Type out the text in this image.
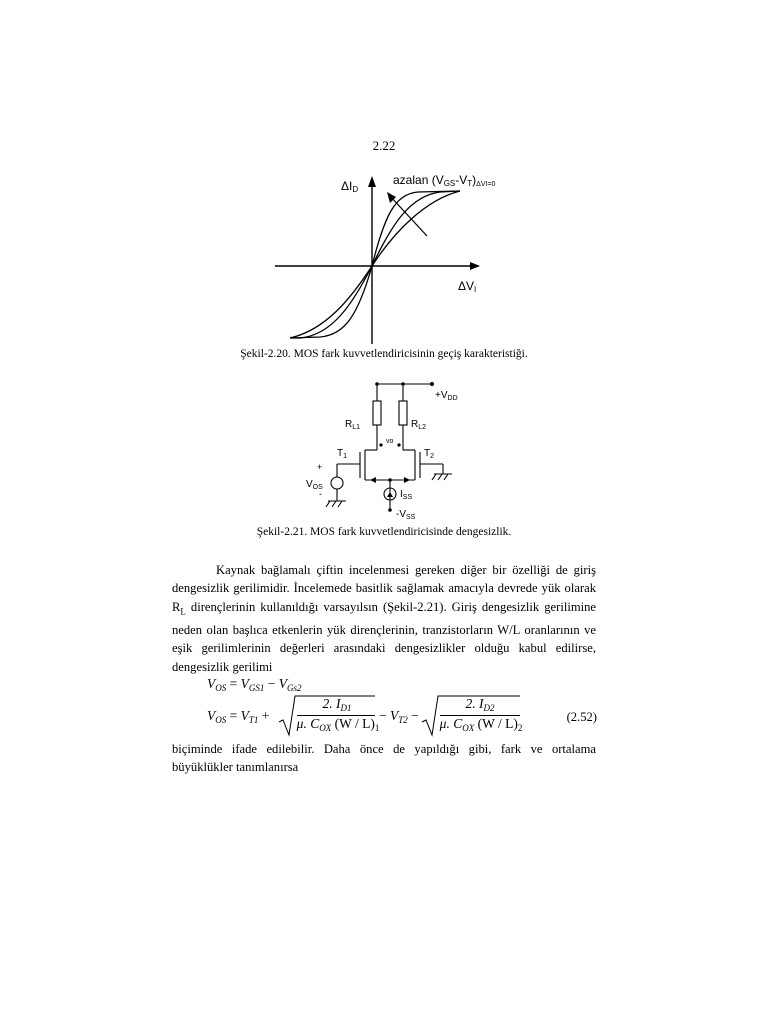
2.22
ΔID
ΔVI
azalan (VGS-VT)ΔVI=0
Şekil-2.20. MOS fark kuvvetlendiricisinin geçiş karakteristiği.
$+V_{DD}$
$R_{L1}$	$R_{L2}$
vo
$T_1$	$T_2$
+
$V_{OS}$
-	$I_{SS}$
$-V_{SS}$
Şekil-2.21. MOS fark kuvvetlendiricisinde dengesizlik.

Kaynak bağlamalı çiftin incelenmesi gereken diğer bir özelliği de giriş dengesizlik gerilimidir. İncelemede basitlik sağlamak amacıyla devrede yük olarak $R_L$ dirençlerinin kullanıldığı varsayılsın (Şekil-2.21). Giriş dengesizlik gerilimine neden olan başlıca etkenlerin yük dirençlerinin, tranzistorların W/L oranlarının ve eşik gerilimlerinin değerleri arasındaki dengesizlikler olduğu kabul edilirse, dengesizlik gerilimi

$V_{OS} = V_{GS1} - V_{Gs2}$
$V_{OS} = V_{T1}$ +
2. $I_{D1}$
μ. $C_{OX}$ $(W / L)_1$
− $V_{T2}$ −
2. $I_{D2}$
μ. $C_{OX}$ $(W / L)_2$
(2.52)

biçiminde ifade edilebilir. Daha önce de yapıldığı gibi, fark ve ortalama büyüklükler tanımlanırsa
